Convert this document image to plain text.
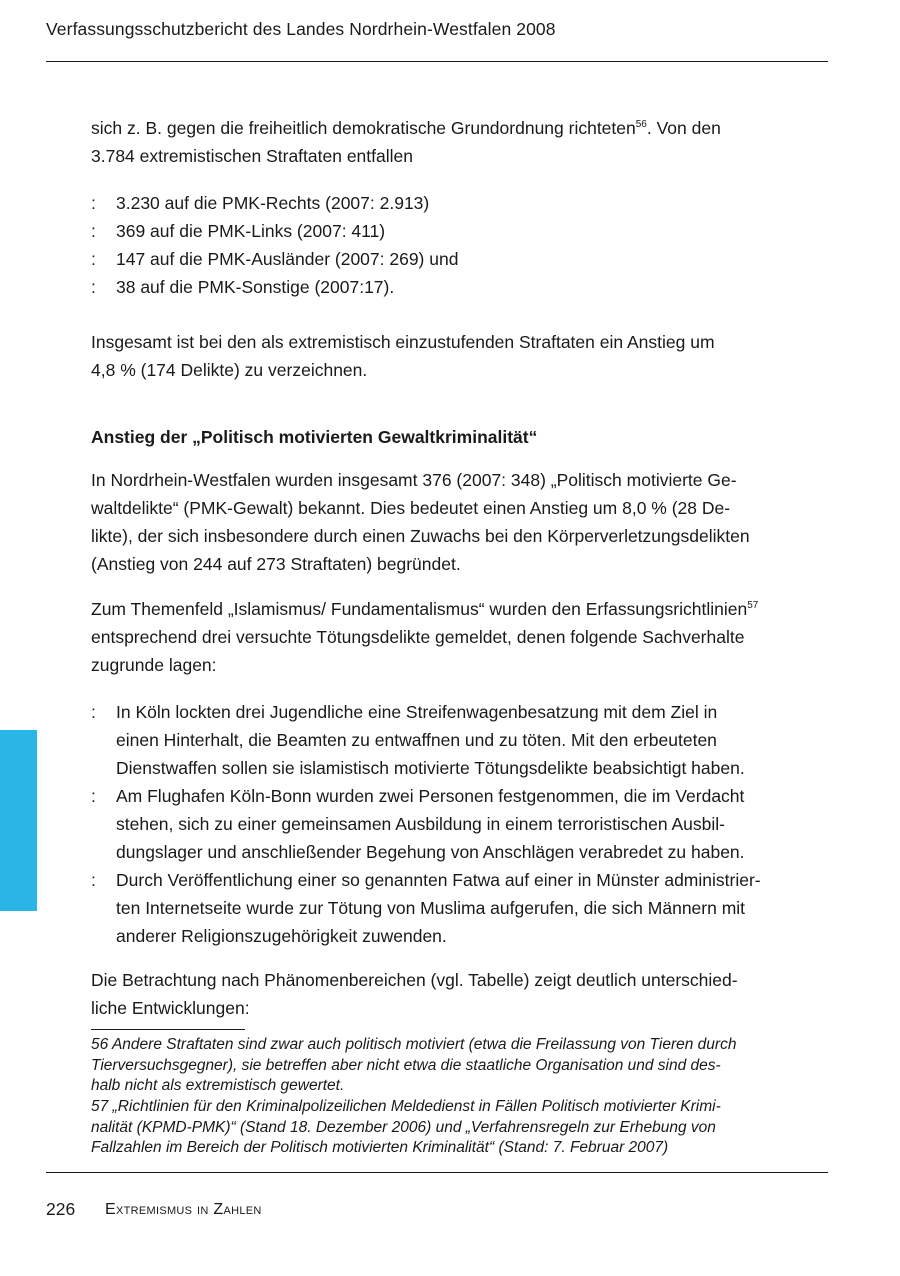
Verfassungsschutzbericht des Landes Nordrhein-Westfalen 2008
sich z. B. gegen die freiheitlich demokratische Grundordnung richteten$^{56}$. Von den
3.784 extremistischen Straftaten entfallen
: 3.230 auf die PMK-Rechts (2007: 2.913)
: 369 auf die PMK-Links (2007: 411)
: 147 auf die PMK-Ausländer (2007: 269) und
: 38 auf die PMK-Sonstige (2007:17).
Insgesamt ist bei den als extremistisch einzustufenden Straftaten ein Anstieg um
4,8 % (174 Delikte) zu verzeichnen.
Anstieg der „Politisch motivierten Gewaltkriminalität“
In Nordrhein-Westfalen wurden insgesamt 376 (2007: 348) „Politisch motivierte Ge-
waltdelikte“ (PMK-Gewalt) bekannt. Dies bedeutet einen Anstieg um 8,0 % (28 De-
likte), der sich insbesondere durch einen Zuwachs bei den Körperverletzungsdelikten
(Anstieg von 244 auf 273 Straftaten) begründet.
Zum Themenfeld „Islamismus/ Fundamentalismus“ wurden den Erfassungsrichtlinien$^{57}$
entsprechend drei versuchte Tötungsdelikte gemeldet, denen folgende Sachverhalte
zugrunde lagen:
: In Köln lockten drei Jugendliche eine Streifenwagenbesatzung mit dem Ziel in
einen Hinterhalt, die Beamten zu entwaffnen und zu töten. Mit den erbeuteten
Dienstwaffen sollen sie islamistisch motivierte Tötungsdelikte beabsichtigt haben.
: Am Flughafen Köln-Bonn wurden zwei Personen festgenommen, die im Verdacht
stehen, sich zu einer gemeinsamen Ausbildung in einem terroristischen Ausbil-
dungslager und anschließender Begehung von Anschlägen verabredet zu haben.
: Durch Veröffentlichung einer so genannten Fatwa auf einer in Münster administrier-
ten Internetseite wurde zur Tötung von Muslima aufgerufen, die sich Männern mit
anderer Religionszugehörigkeit zuwenden.
Die Betrachtung nach Phänomenbereichen (vgl. Tabelle) zeigt deutlich unterschied-
liche Entwicklungen:
56 Andere Straftaten sind zwar auch politisch motiviert (etwa die Freilassung von Tieren durch
Tierversuchsgegner), sie betreffen aber nicht etwa die staatliche Organisation und sind des-
halb nicht als extremistisch gewertet.
57 „Richtlinien für den Kriminalpolizeilichen Meldedienst in Fällen Politisch motivierter Krimi-
nalität (KPMD-PMK)“ (Stand 18. Dezember 2006) und „Verfahrensregeln zur Erhebung von
Fallzahlen im Bereich der Politisch motivierten Kriminalität“ (Stand: 7. Februar 2007)
226 Extremismus in Zahlen
